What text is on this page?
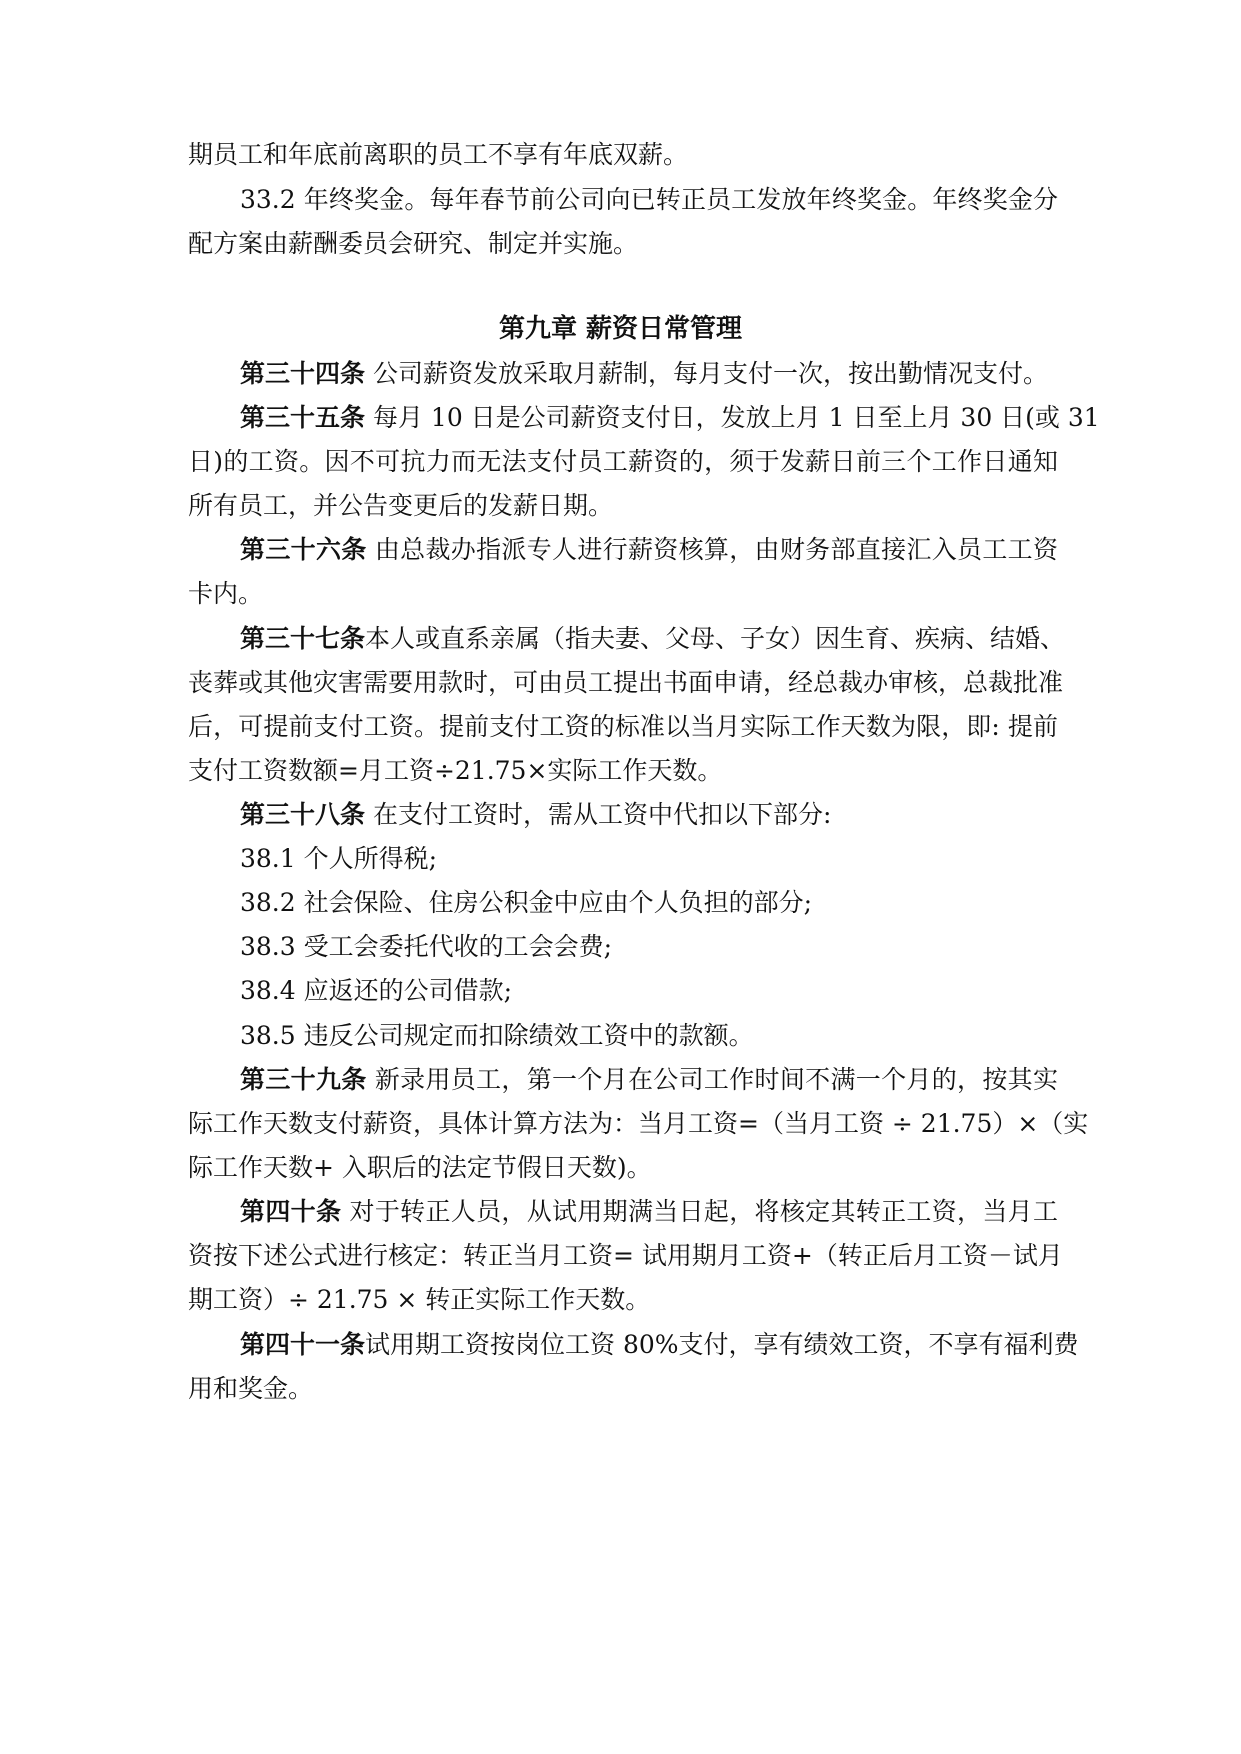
期员工和年底前离职的员工不享有年底双薪。
33.2 年终奖金。每年春节前公司向已转正员工发放年终奖金。年终奖金分
配方案由薪酬委员会研究、制定并实施。
第九章 薪资日常管理
第三十四条 公司薪资发放采取月薪制，每月支付一次，按出勤情况支付。
第三十五条 每月 10 日是公司薪资支付日，发放上月 1 日至上月 30 日(或 31
日)的工资。因不可抗力而无法支付员工薪资的，须于发薪日前三个工作日通知
所有员工，并公告变更后的发薪日期。
第三十六条 由总裁办指派专人进行薪资核算，由财务部直接汇入员工工资
卡内。
第三十七条本人或直系亲属（指夫妻、父母、子女）因生育、疾病、结婚、
丧葬或其他灾害需要用款时，可由员工提出书面申请，经总裁办审核，总裁批准
后，可提前支付工资。提前支付工资的标准以当月实际工作天数为限，即: 提前
支付工资数额=月工资÷21.75×实际工作天数。
第三十八条 在支付工资时，需从工资中代扣以下部分:
38.1 个人所得税;
38.2 社会保险、住房公积金中应由个人负担的部分;
38.3 受工会委托代收的工会会费;
38.4 应返还的公司借款;
38.5 违反公司规定而扣除绩效工资中的款额。
第三十九条 新录用员工，第一个月在公司工作时间不满一个月的，按其实
际工作天数支付薪资，具体计算方法为：当月工资=（当月工资 ÷ 21.75）×（实
际工作天数+ 入职后的法定节假日天数)。
第四十条 对于转正人员，从试用期满当日起，将核定其转正工资，当月工
资按下述公式进行核定：转正当月工资= 试用期月工资+（转正后月工资－试月
期工资）÷ 21.75 × 转正实际工作天数。
第四十一条试用期工资按岗位工资 80%支付，享有绩效工资，不享有福利费
用和奖金。
